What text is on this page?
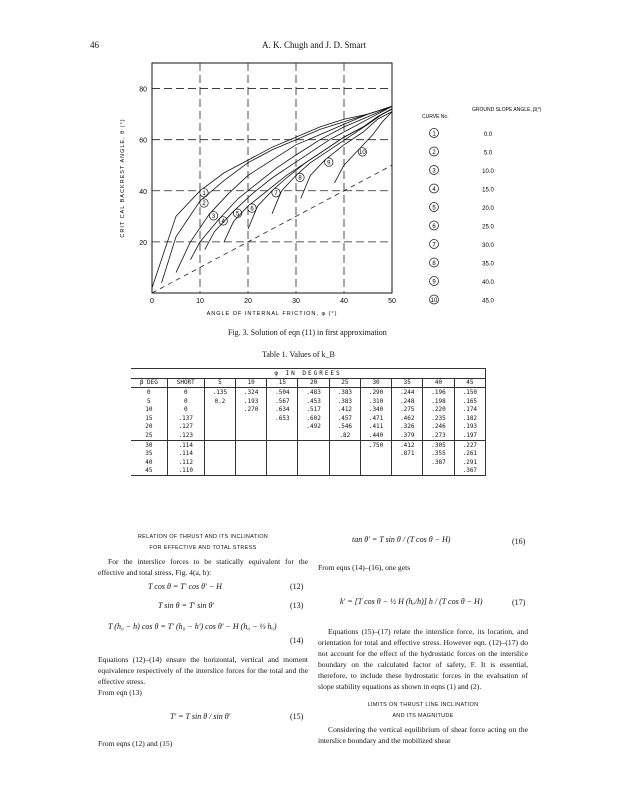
46	A. K. Chugh and J. D. Smart
0	10	20	30	40	50
20
40
60
80
ANGLE OF INTERNAL FRICTION, φ (°)
CRIT CAL BACKREST ANGLE, θ (°)	1
2
3
4
5
6
7
8
9
10
CURVE No.
GROUND SLOPE ANGLE, β(°)
1	0.0
2	5.0
3	10.0
4	15.0
5	20.0
6	25.0
7	30.0
8	35.0
9	40.0
10	45.0
Fig. 3. Solution of eqn (11) in first approximation
Table 1. Values of k_B
φ IN DEGREES										
β DEG	SHORT	5	10	15	20	25	30	35	40	45
0	0	.135	.324	.504	.483	.383	.290	.244	.196	.150
5	0	0.2	.193	.567	.453	.383	.310	.248	.198	.165
10	0		.270	.634	.517	.412	.340	.275	.220	.174
15	.137			.653	.602	.457	.471	.462	.235	.182
20	.127				.492	.546	.411	.326	.246	.193
25	.123					.82	.440	.379	.273	.197
30	.114						.750	.412	.305	.227
35	.114							.871	.355	.261
40	.112								.387	.291
45	.110									.367
RELATION OF THRUST AND ITS INCLINATION
FOR EFFECTIVE AND TOTAL STRESS
For the interslice forces to be statically equivalent for the effective and total stress, Fig. 4(a, b):
T cos θ = T' cos θ' − H	(12)
T sin θ = T' sin θ'	(13)
T (h₀ − h) cos θ = T' (h₀ − h') cos θ' − H (h₀ − ⅓ hᵤ)
(14)
Equations (12)–(14) ensure the horizontal, vertical and moment equivalence respectively of the interslice forces for the total and the effective stress.
From eqn (13)
T' = T sin θ / sin θ'	(15)
From eqns (12) and (15)
tan θ' = T sin θ / (T cos θ − H)	(16)
From eqns (14)–(16), one gets
k' = [T cos θ − ½ H (hᵤ/h)] h / (T cos θ − H)	(17)
Equations (15)–(17) relate the interslice force, its location, and orientation for total and effective stress. However eqn. (12)–(17) do not account for the effect of the hydrostatic forces on the interslice boundary on the calculated factor of safety, F. It is essential, therefore, to include these hydrostatic forces in the evaluation of slope stability equations as shown in eqns (1) and (2).
LIMITS ON THRUST LINE INCLINATION
AND ITS MAGNITUDE
Considering the vertical equilibrium of shear force acting on the interslice boundary and the mobilized shear
